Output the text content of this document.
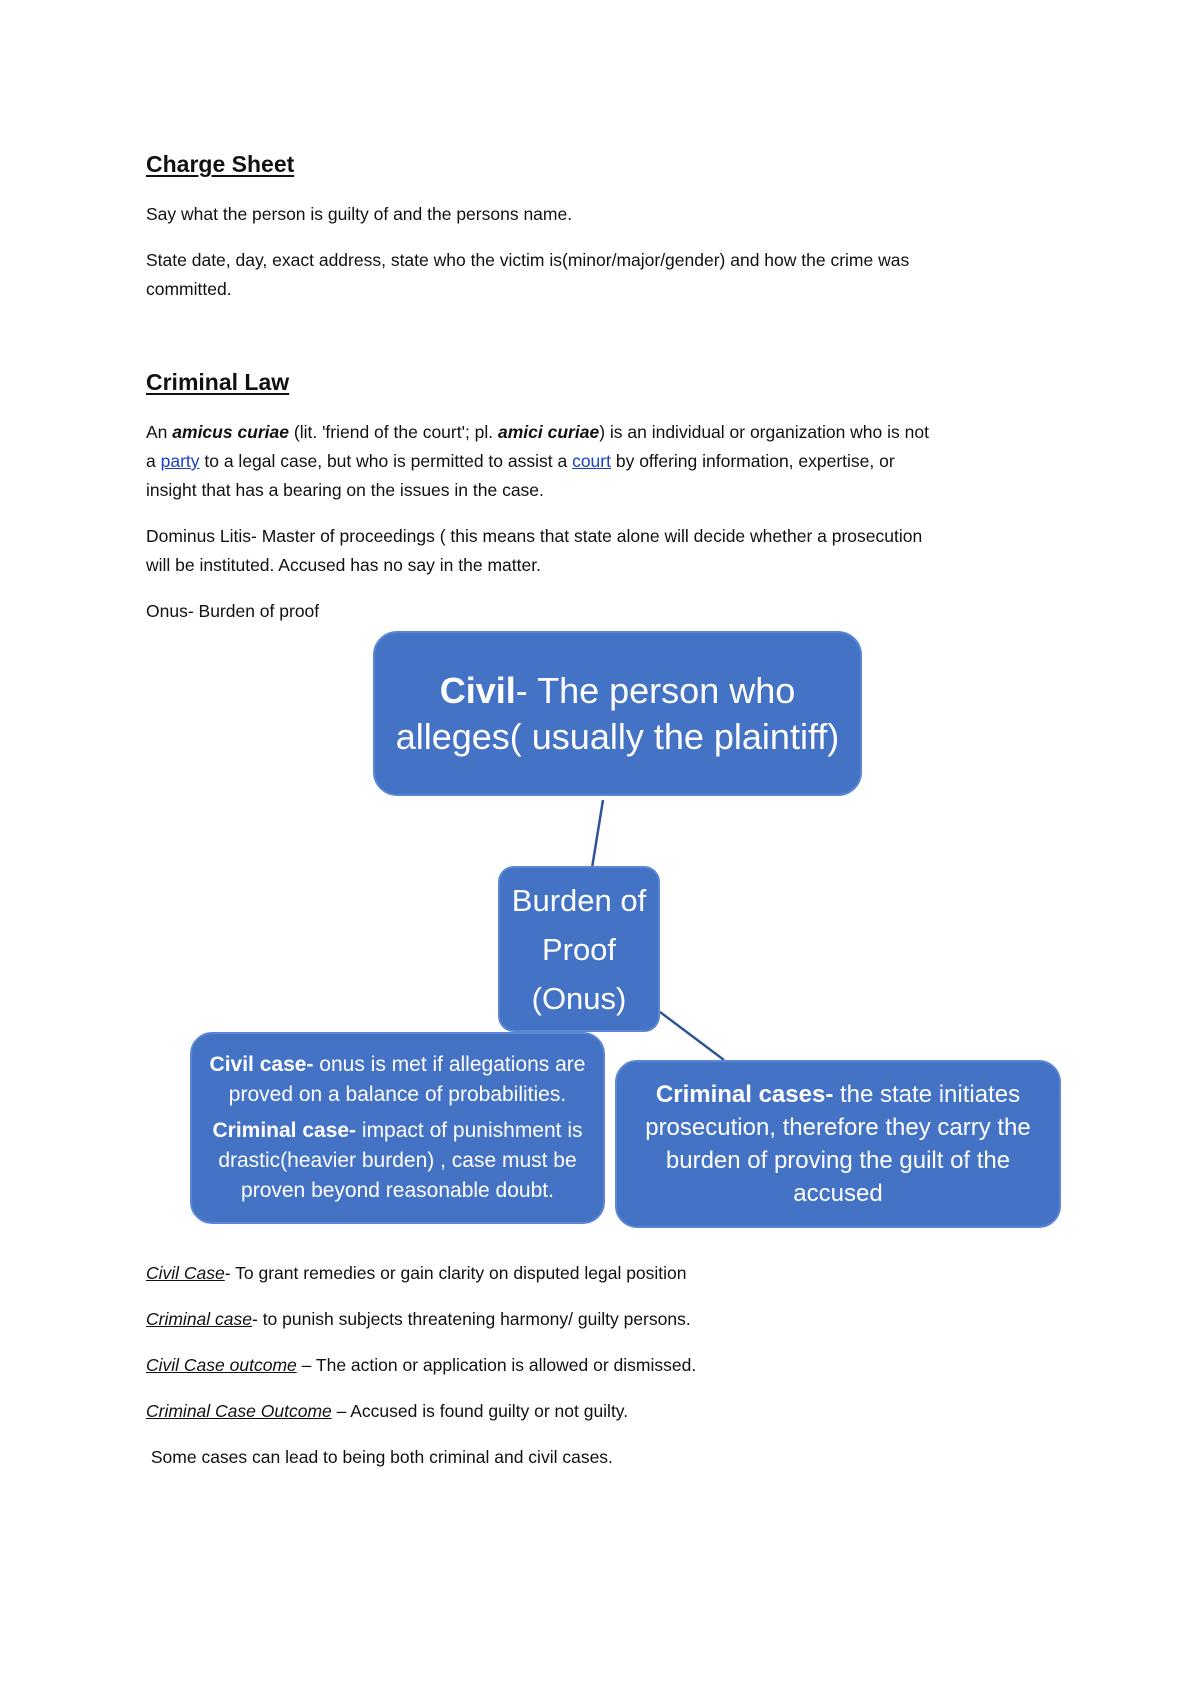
Charge Sheet
Say what the person is guilty of and the persons name.
State date, day, exact address, state who the victim is(minor/major/gender) and how the crime was
committed.
Criminal Law
An amicus curiae (lit. 'friend of the court'; pl. amici curiae) is an individual or organization who is not
a party to a legal case, but who is permitted to assist a court by offering information, expertise, or
insight that has a bearing on the issues in the case.
Dominus Litis- Master of proceedings ( this means that state alone will decide whether a prosecution
will be instituted. Accused has no say in the matter.
Onus- Burden of proof
Civil- The person who
alleges( usually the plaintiff)
Burden of
Proof
(Onus)
Civil case- onus is met if allegations are
proved on a balance of probabilities.
Criminal case- impact of punishment is
drastic(heavier burden) , case must be
proven beyond reasonable doubt.
Criminal cases- the state initiates
prosecution, therefore they carry the
burden of proving the guilt of the
accused
Civil Case- To grant remedies or gain clarity on disputed legal position
Criminal case- to punish subjects threatening harmony/ guilty persons.
Civil Case outcome – The action or application is allowed or dismissed.
Criminal Case Outcome – Accused is found guilty or not guilty.
Some cases can lead to being both criminal and civil cases.
